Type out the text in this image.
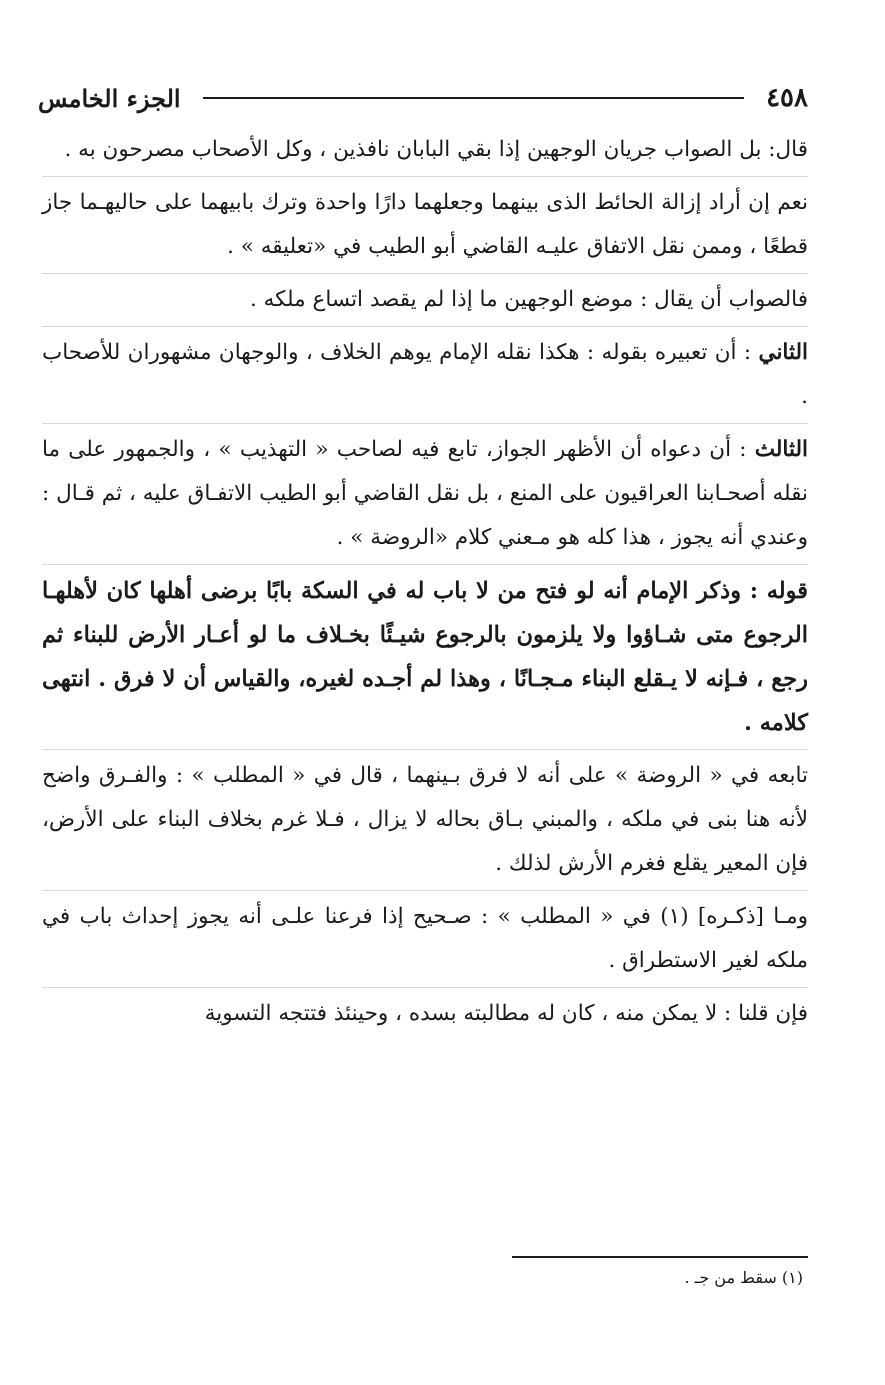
٤٥٨
الجزء الخامس

قال: بل الصواب جريان الوجهين إذا بقي البابان نافذين ، وكل الأصحاب مصرحون به .

نعم إن أراد إزالة الحائط الذى بينهما وجعلهما دارًا واحدة وترك بابيهما على حاليهـما جاز قطعًا ، وممن نقل الاتفاق عليـه القاضي أبو الطيب في «تعليقه » .

فالصواب أن يقال : موضع الوجهين ما إذا لم يقصد اتساع ملكه .

الثاني : أن تعبيره بقوله : هكذا نقله الإمام يوهم الخلاف ، والوجهان مشهوران للأصحاب .

الثالث : أن دعواه أن الأظهر الجواز، تابع فيه لصاحب « التهذيب » ، والجمهور على ما نقله أصحـابنا العراقيون على المنع ، بل نقل القاضي أبو الطيب الاتفـاق عليه ، ثم قـال : وعندي أنه يجوز ، هذا كله هو مـعني كلام «الروضة » .

قوله : وذكر الإمام أنه لو فتح من لا باب له في السكة بابًا برضى أهلها كان لأهلهـا الرجوع متى شـاؤوا ولا يلزمون بالرجوع شيـئًا بخـلاف ما لو أعـار الأرض للبناء ثم رجع ، فـإنه لا يـقلع البناء مـجـانًا ، وهذا لم أجـده لغيره، والقياس أن لا فرق . انتهى كلامه .

تابعه في « الروضة » على أنه لا فرق بـينهما ، قال في « المطلب » : والفـرق واضح لأنه هنا بنى في ملكه ، والمبني بـاق بحاله لا يزال ، فـلا غرم بخلاف البناء على الأرض، فإن المعير يقلع فغرم الأرش لذلك .

ومـا [ذكـره] (١) في « المطلب » : صـحيح إذا فرعنا علـى أنه يجوز إحداث باب في ملكه لغير الاستطراق .

فإن قلنا : لا يمكن منه ، كان له مطالبته بسده ، وحينئذ فتتجه التسوية

(١) سقط من جـ .
